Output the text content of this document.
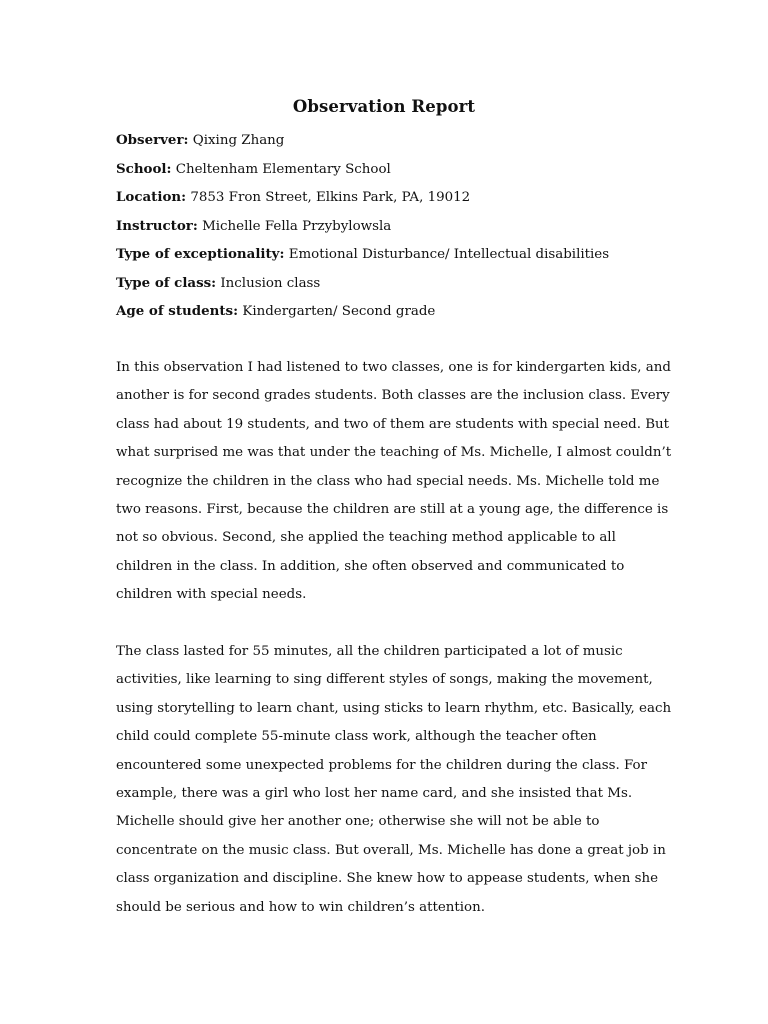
Observation Report
Observer: Qixing Zhang
School: Cheltenham Elementary School
Location: 7853 Fron Street, Elkins Park, PA, 19012
Instructor: Michelle Fella Przybylowsla
Type of exceptionality: Emotional Disturbance/ Intellectual disabilities
Type of class: Inclusion class
Age of students: Kindergarten/ Second grade

In this observation I had listened to two classes, one is for kindergarten kids, and
another is for second grades students. Both classes are the inclusion class. Every
class had about 19 students, and two of them are students with special need. But
what surprised me was that under the teaching of Ms. Michelle, I almost couldn’t
recognize the children in the class who had special needs. Ms. Michelle told me
two reasons. First, because the children are still at a young age, the difference is
not so obvious. Second, she applied the teaching method applicable to all
children in the class. In addition, she often observed and communicated to
children with special needs.

The class lasted for 55 minutes, all the children participated a lot of music
activities, like learning to sing different styles of songs, making the movement,
using storytelling to learn chant, using sticks to learn rhythm, etc. Basically, each
child could complete 55-minute class work, although the teacher often
encountered some unexpected problems for the children during the class. For
example, there was a girl who lost her name card, and she insisted that Ms.
Michelle should give her another one; otherwise she will not be able to
concentrate on the music class. But overall, Ms. Michelle has done a great job in
class organization and discipline. She knew how to appease students, when she
should be serious and how to win children’s attention.
